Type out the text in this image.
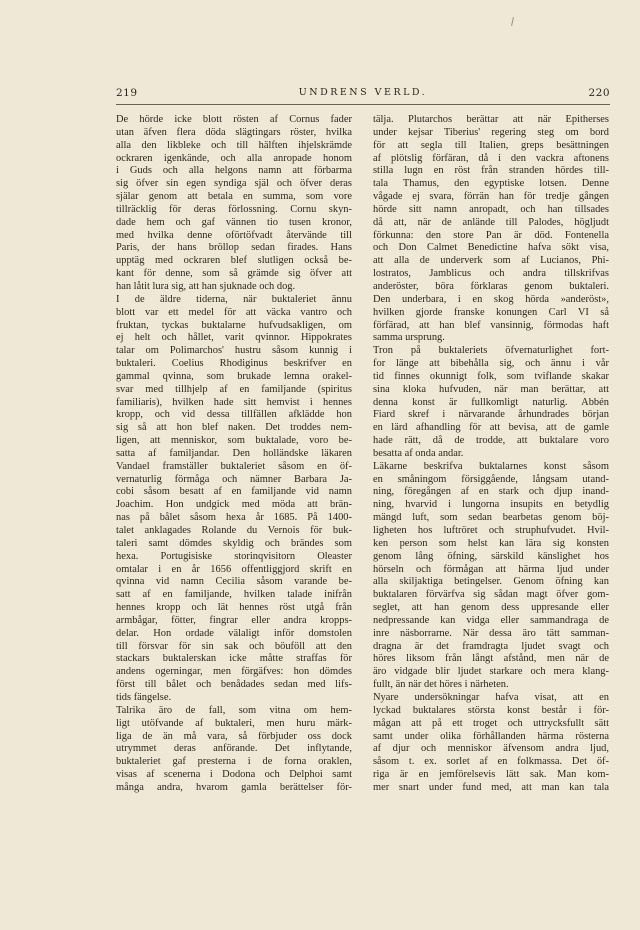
219	UNDRENS VERLD.	220
De hörde icke blott rösten af Cornus fader
utan äfven flera döda slägtingars röster, hvilka
alla den likbleke och till hälften ihjelskrämde
ockraren igenkände, och alla anropade honom
i Guds och alla helgons namn att förbarma
sig öfver sin egen syndiga själ och öfver deras
själar genom att betala en summa, som vore
tillräcklig för deras förlossning. Cornu skyn-
dade hem och gaf vännen tio tusen kronor,
med hvilka denne oförtöfvadt återvände till
Paris, der hans bröllop sedan firades. Hans
upptäg med ockraren blef slutligen också be-
kant för denne, som så grämde sig öfver att
han låtit lura sig, att han sjuknade och dog.
I de äldre tiderna, när buktaleriet ännu
blott var ett medel för att väcka vantro och
fruktan, tyckas buktalarne hufvudsakligen, om
ej helt och hållet, varit qvinnor. Hippokrates
talar om Polimarchos' hustru såsom kunnig i
buktaleri. Coelius Rhodiginus beskrifver en
gammal qvinna, som brukade lemna orakel-
svar med tillhjelp af en familjande (spiritus
familiaris), hvilken hade sitt hemvist i hennes
kropp, och vid dessa tillfällen afklädde hon
sig så att hon blef naken. Det troddes nem-
ligen, att menniskor, som buktalade, voro be-
satta af familjandar. Den holländske läkaren
Vandael framställer buktaleriet såsom en öf-
vernaturlig förmåga och nämner Barbara Ja-
cobi såsom besatt af en familjande vid namn
Joachim. Hon undgick med möda att brän-
nas på bålet såsom hexa år 1685. På 1400-
talet anklagades Rolande du Vernois för buk-
taleri samt dömdes skyldig och brändes som
hexa. Portugisiske storinqvisitorn Oleaster
omtalar i en år 1656 offentliggjord skrift en
qvinna vid namn Cecilia såsom varande be-
satt af en familjande, hvilken talade inifrån
hennes kropp och lät hennes röst utgå från
armbågar, fötter, fingrar eller andra kropps-
delar. Hon ordade välaligt inför domstolen
till försvar för sin sak och böuföll att den
stackars buktalerskan icke måtte straffas för
andens ogerningar, men förgäfves: hon dömdes
först till bålet och benådades sedan med lifs-
tids fängelse.
Talrika äro de fall, som vitna om hem-
ligt utöfvande af buktaleri, men huru märk-
liga de än må vara, så förbjuder oss dock
utrymmet deras anförande. Det inflytande,
buktaleriet gaf presterna i de forna oraklen,
visas af scenerna i Dodona och Delphoi samt
många andra, hvarom gamla berättelser för-
tälja. Plutarchos berättar att när Epitherses
under kejsar Tiberius' regering steg om bord
för att segla till Italien, greps besättningen
af plötslig förfäran, då i den vackra aftonens
stilla lugn en röst från stranden hördes till-
tala Thamus, den egyptiske lotsen. Denne
vågade ej svara, förrän han för tredje gången
hörde sitt namn anropadt, och han tillsades
då att, när de anlände till Palodes, högljudt
förkunna: den store Pan är död. Fontenella
och Don Calmet Benedictine hafva sökt visa,
att alla de underverk som af Lucianos, Phi-
lostratos, Jamblicus och andra tillskrifvas
anderöster, böra förklaras genom buktaleri.
Den underbara, i en skog hörda »anderöst»,
hvilken gjorde franske konungen Carl VI så
förfärad, att han blef vansinnig, förmodas haft
samma ursprung.
Tron på buktaleriets öfvernaturlighet fort-
for länge att bibehålla sig, och ännu i vår
tid finnes okunnigt folk, som tviflande skakar
sina kloka hufvuden, när man berättar, att
denna konst är fullkomligt naturlig. Abbén
Fiard skref i närvarande århundrades början
en lärd afhandling för att bevisa, att de gamle
hade rätt, då de trodde, att buktalare voro
besatta af onda andar.
Läkarne beskrifva buktalarnes konst såsom
en småningom försiggående, långsam utand-
ning, föregången af en stark och djup inand-
ning, hvarvid i lungorna insupits en betydlig
mängd luft, som sedan bearbetas genom böj-
ligheten hos luftröret och struphufvudet. Hvil-
ken person som helst kan lära sig konsten
genom lång öfning, särskild känslighet hos
hörseln och förmågan att härma ljud under
alla skiljaktiga betingelser. Genom öfning kan
buktalaren förvärfva sig sådan magt öfver gom-
seglet, att han genom dess uppresande eller
nedpressande kan vidga eller sammandraga de
inre näsborrarne. När dessa äro tätt samman-
dragna är det framdragta ljudet svagt och
höres liksom från långt afstånd, men när de
äro vidgade blir ljudet starkare och mera klang-
fullt, än när det höres i närheten.
Nyare undersökningar hafva visat, att en
lyckad buktalares största konst består i för-
mågan att på ett troget och uttrycksfullt sätt
samt under olika förhållanden härma rösterna
af djur och menniskor äfvensom andra ljud,
såsom t. ex. sorlet af en folkmassa. Det öf-
riga är en jemförelsevis lätt sak. Man kom-
mer snart under fund med, att man kan tala
